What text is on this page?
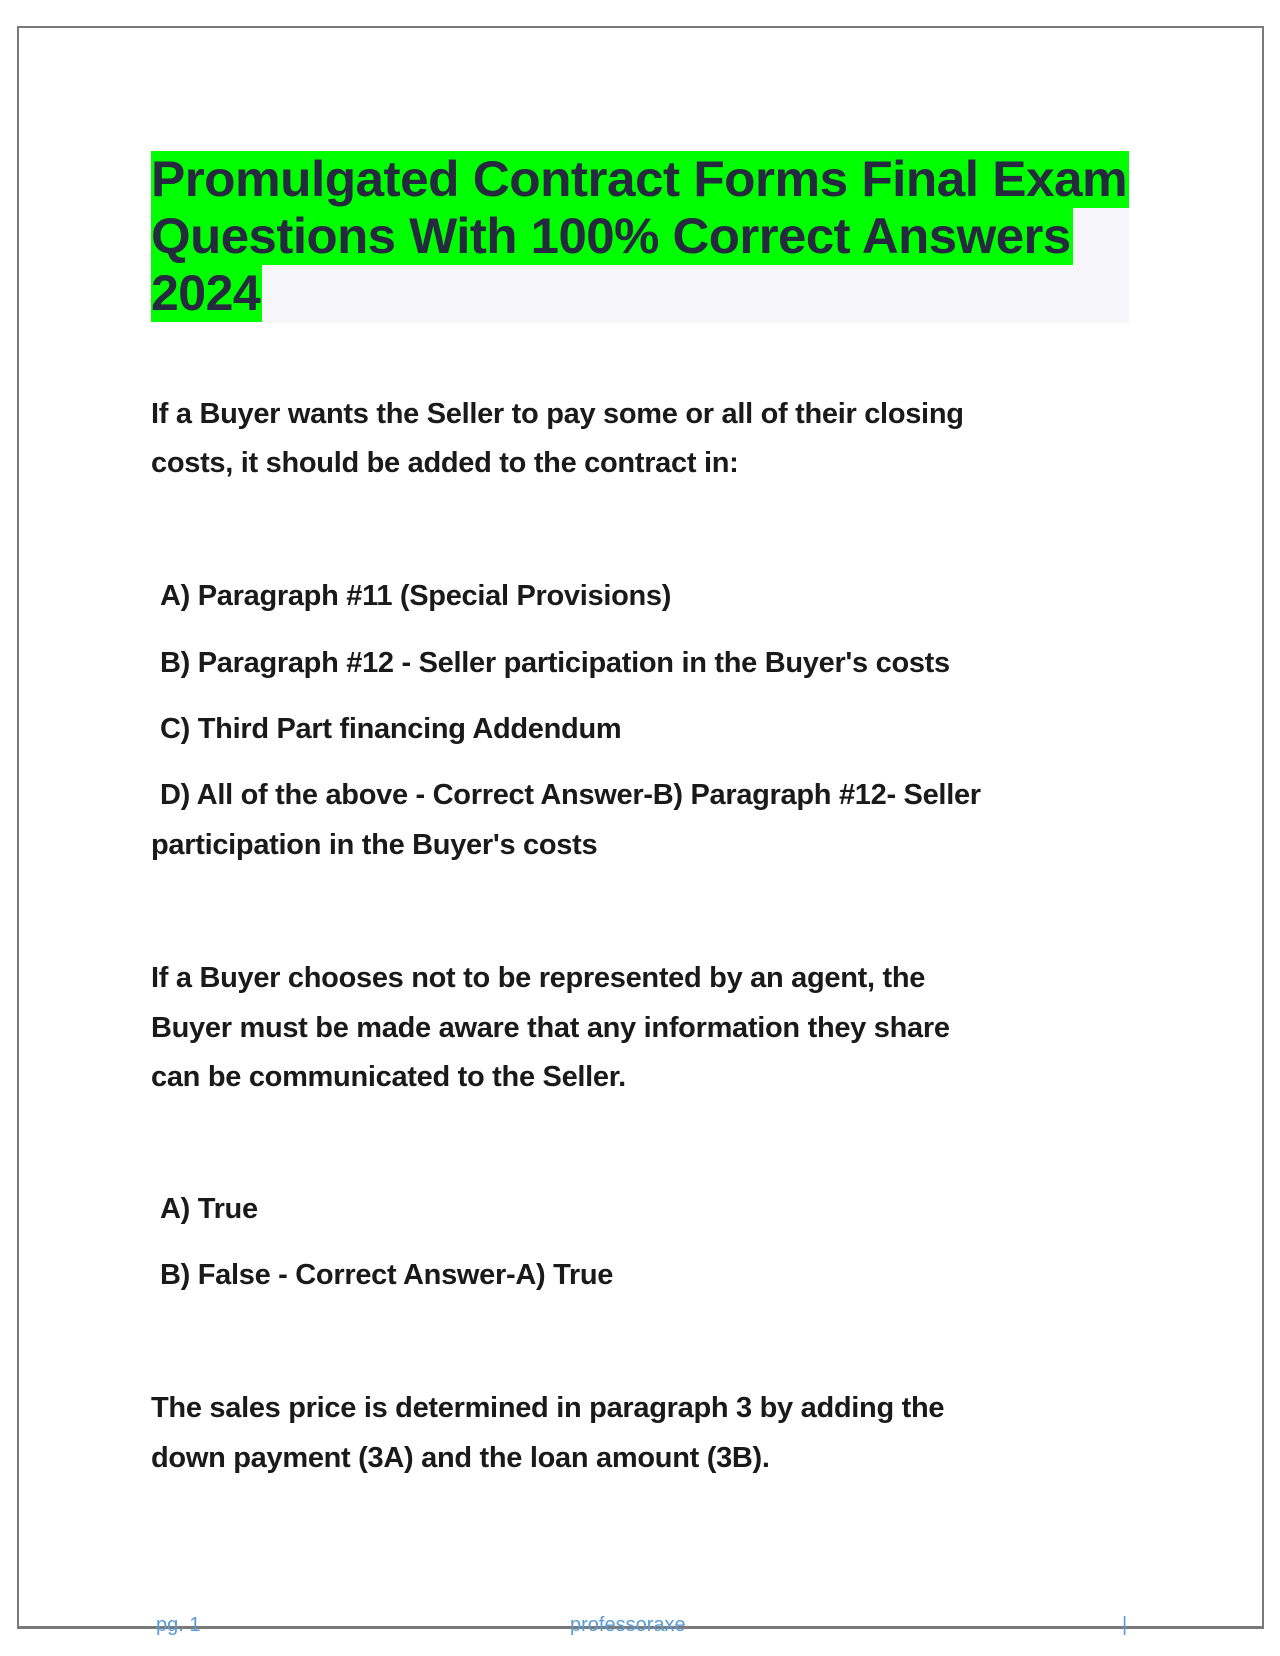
Promulgated Contract Forms Final Exam
Questions With 100% Correct Answers
2024
If a Buyer wants the Seller to pay some or all of their closing
costs, it should be added to the contract in:
A) Paragraph #11 (Special Provisions)
B) Paragraph #12 - Seller participation in the Buyer's costs
C) Third Part financing Addendum
D) All of the above - Correct Answer-B) Paragraph #12- Seller
participation in the Buyer's costs
If a Buyer chooses not to be represented by an agent, the
Buyer must be made aware that any information they share
can be communicated to the Seller.
A) True
B) False - Correct Answer-A) True
The sales price is determined in paragraph 3 by adding the
down payment (3A) and the loan amount (3B).
pg. 1	professoraxe	|
